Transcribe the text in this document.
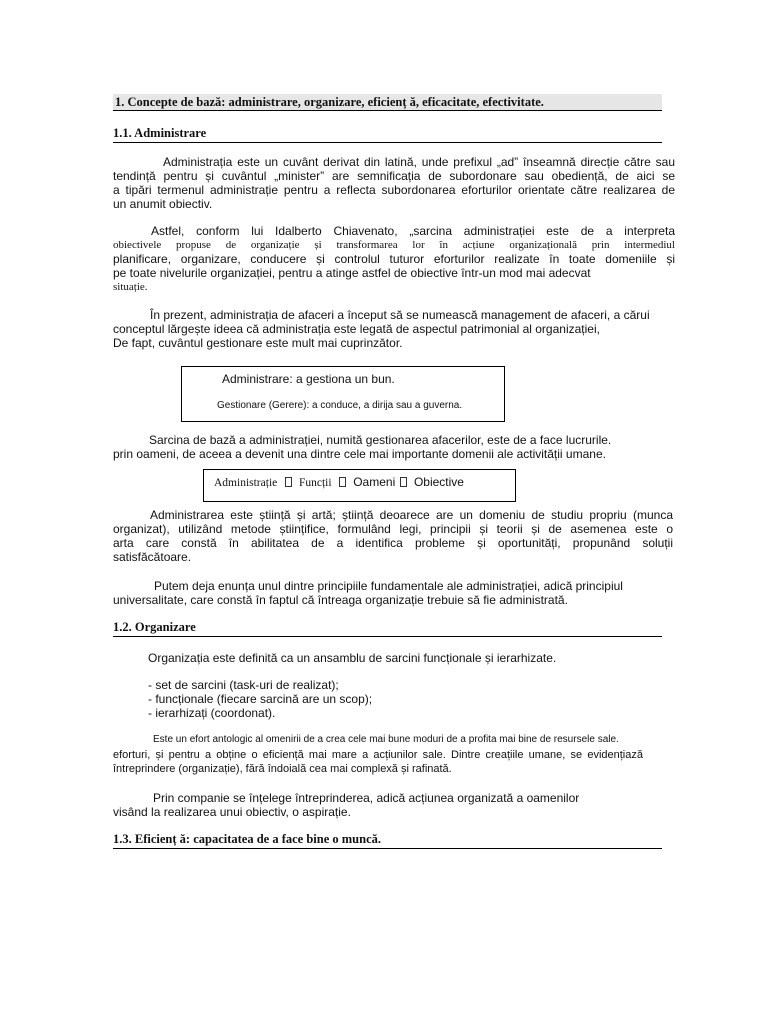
1. Concepte de bază: administrare, organizare, eficienț ă, eficacitate, efectivitate.
1.1. Administrare
Administrația este un cuvânt derivat din latină, unde prefixul „ad” înseamnă direcție către sau
tendință pentru și cuvântul „minister” are semnificația de subordonare sau obediență, de aici se
a tipări termenul administrație pentru a reflecta subordonarea eforturilor orientate către realizarea de
un anumit obiectiv.
Astfel, conform lui Idalberto Chiavenato, „sarcina administrației este de a interpreta
obiectivele propuse de organizație și transformarea lor în acțiune organizațională prin intermediul
planificare, organizare, conducere și controlul tuturor eforturilor realizate în toate domeniile și
pe toate nivelurile organizației, pentru a atinge astfel de obiective într-un mod mai adecvat
situație.
În prezent, administrația de afaceri a început să se numească management de afaceri, a cărui
conceptul lărgește ideea că administrația este legată de aspectul patrimonial al organizației,
De fapt, cuvântul gestionare este mult mai cuprinzător.
Administrare: a gestiona un bun.
Gestionare (Gerere): a conduce, a dirija sau a guverna.
Sarcina de bază a administrației, numită gestionarea afacerilor, este de a face lucrurile.
prin oameni, de aceea a devenit una dintre cele mai importante domenii ale activității umane.
Administrație Funcții Oameni Obiective
Administrarea este știință și artă; știință deoarece are un domeniu de studiu propriu (munca
organizat), utilizând metode științifice, formulând legi, principii și teorii și de asemenea este o
arta care constă în abilitatea de a identifica probleme și oportunități, propunând soluții
satisfăcătoare.
Putem deja enunța unul dintre principiile fundamentale ale administrației, adică principiul
universalitate, care constă în faptul că întreaga organizație trebuie să fie administrată.
1.2. Organizare
Organizația este definită ca un ansamblu de sarcini funcționale și ierarhizate.
- set de sarcini (task-uri de realizat);
- funcționale (fiecare sarcină are un scop);
- ierarhizați (coordonat).
Este un efort antologic al omenirii de a crea cele mai bune moduri de a profita mai bine de resursele sale.
eforturi, și pentru a obține o eficiență mai mare a acțiunilor sale. Dintre creațiile umane, se evidențiază
întreprindere (organizație), fără îndoială cea mai complexă și rafinată.
Prin companie se înțelege întreprinderea, adică acțiunea organizată a oamenilor
visând la realizarea unui obiectiv, o aspirație.
1.3. Eficienț ă: capacitatea de a face bine o muncă.
